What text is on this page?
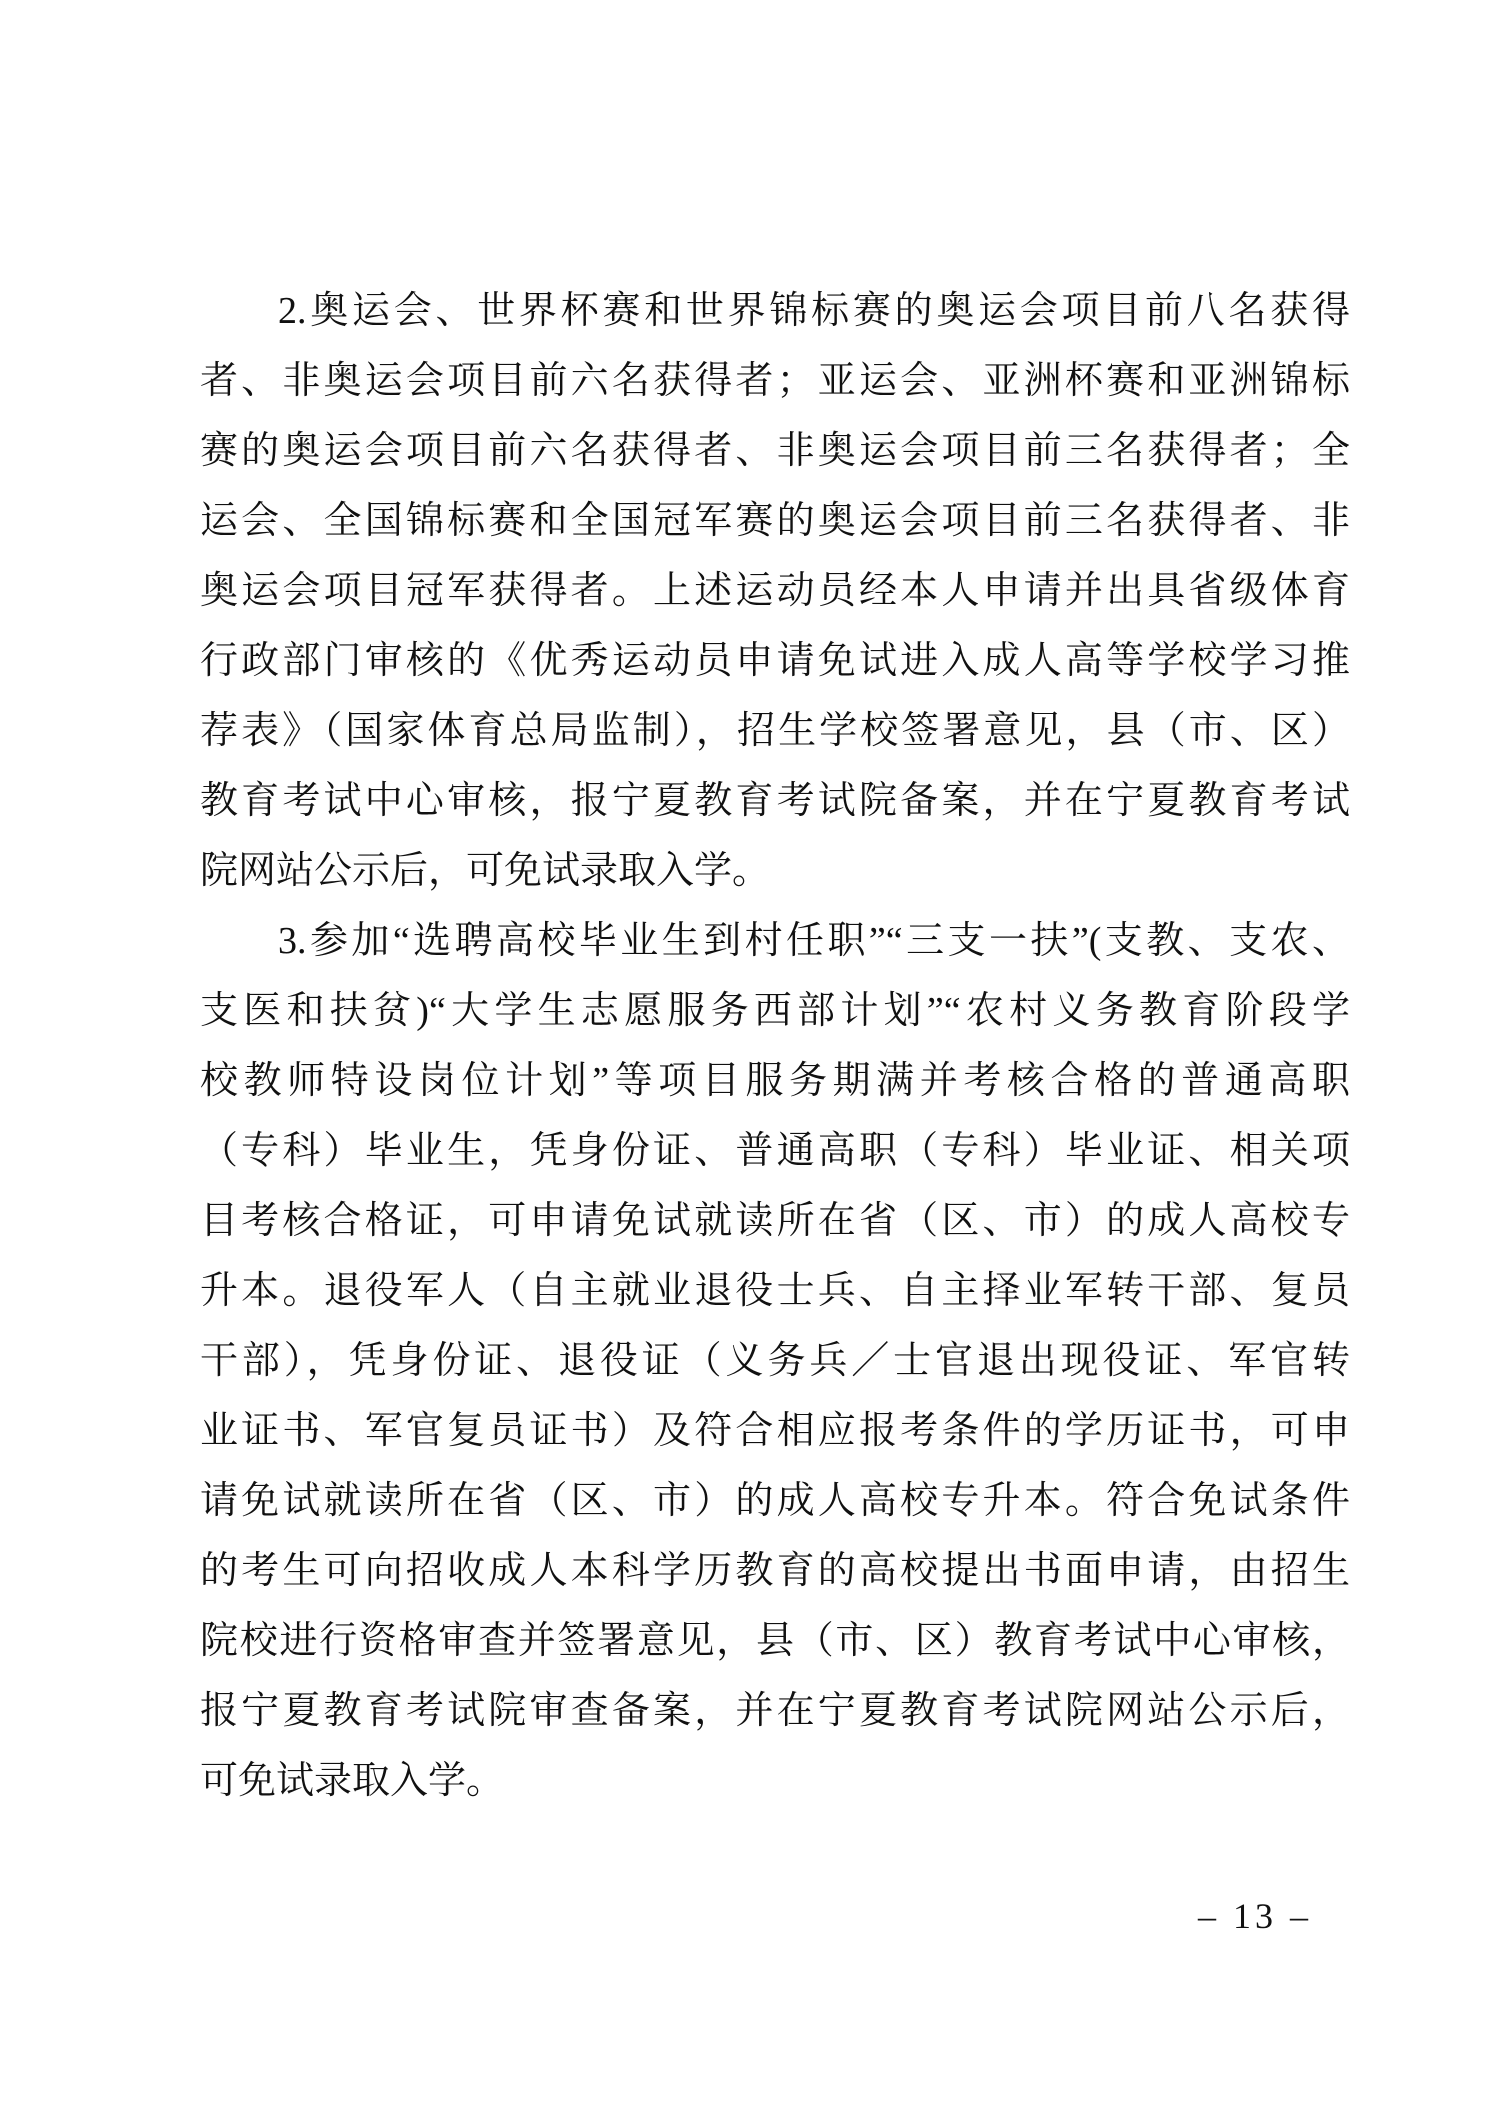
2.奥运会、世界杯赛和世界锦标赛的奥运会项目前八名获得
者、非奥运会项目前六名获得者；亚运会、亚洲杯赛和亚洲锦标
赛的奥运会项目前六名获得者、非奥运会项目前三名获得者；全
运会、全国锦标赛和全国冠军赛的奥运会项目前三名获得者、非
奥运会项目冠军获得者。上述运动员经本人申请并出具省级体育
行政部门审核的《优秀运动员申请免试进入成人高等学校学习推
荐表》（国家体育总局监制），招生学校签署意见，县（市、区）
教育考试中心审核，报宁夏教育考试院备案，并在宁夏教育考试
院网站公示后，可免试录取入学。

3.参加“选聘高校毕业生到村任职”“三支一扶”(支教、支农、
支医和扶贫)“大学生志愿服务西部计划”“农村义务教育阶段学
校教师特设岗位计划”等项目服务期满并考核合格的普通高职
（专科）毕业生，凭身份证、普通高职（专科）毕业证、相关项
目考核合格证，可申请免试就读所在省（区、市）的成人高校专
升本。退役军人（自主就业退役士兵、自主择业军转干部、复员
干部），凭身份证、退役证（义务兵／士官退出现役证、军官转
业证书、军官复员证书）及符合相应报考条件的学历证书，可申
请免试就读所在省（区、市）的成人高校专升本。符合免试条件
的考生可向招收成人本科学历教育的高校提出书面申请，由招生
院校进行资格审查并签署意见，县（市、区）教育考试中心审核，
报宁夏教育考试院审查备案，并在宁夏教育考试院网站公示后，
可免试录取入学。

– 13 –
